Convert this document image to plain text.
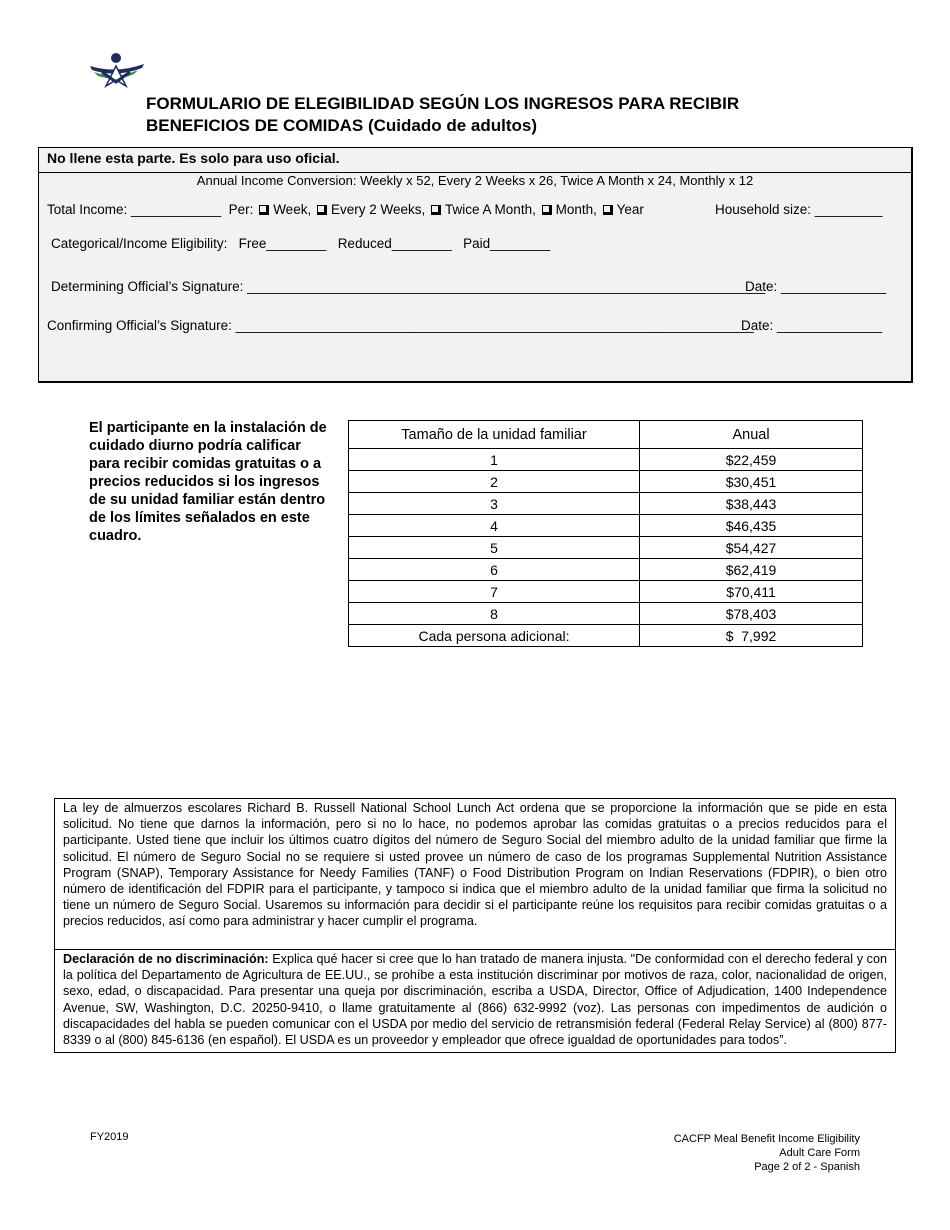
FORMULARIO DE ELEGIBILIDAD SEGÚN LOS INGRESOS PARA RECIBIR
BENEFICIOS DE COMIDAS (Cuidado de adultos)
No llene esta parte. Es solo para uso oficial.
Annual Income Conversion: Weekly x 52, Every 2 Weeks x 26, Twice A Month x 24, Monthly x 12
Total Income: ____________ Per: Week, Every 2 Weeks, Twice A Month, Month, Year	Household size: _________
Categorical/Income Eligibility: Free________ Reduced________ Paid________
Determining Official’s Signature: _____________________________________________________________________
Date: ______________
Confirming Official’s Signature: _____________________________________________________________________
Date: ______________
El participante en la instalación de cuidado diurno podría calificar para recibir comidas gratuitas o a precios reducidos si los ingresos de su unidad familiar están dentro de los límites señalados en este cuadro.
Tamaño de la unidad familiar	Anual
1	$22,459
2	$30,451
3	$38,443
4	$46,435
5	$54,427
6	$62,419
7	$70,411
8	$78,403
Cada persona adicional:	$  7,992
La ley de almuerzos escolares Richard B. Russell National School Lunch Act ordena que se proporcione la información que se pide en esta solicitud. No tiene que darnos la información, pero si no lo hace, no podemos aprobar las comidas gratuitas o a precios reducidos para el participante. Usted tiene que incluir los últimos cuatro dígitos del número de Seguro Social del miembro adulto de la unidad familiar que firme la solicitud. El número de Seguro Social no se requiere si usted provee un número de caso de los programas Supplemental Nutrition Assistance Program (SNAP), Temporary Assistance for Needy Families (TANF) o Food Distribution Program on Indian Reservations (FDPIR), o bien otro número de identificación del FDPIR para el participante, y tampoco si indica que el miembro adulto de la unidad familiar que firma la solicitud no tiene un número de Seguro Social. Usaremos su información para decidir si el participante reúne los requisitos para recibir comidas gratuitas o a precios reducidos, así como para administrar y hacer cumplir el programa.
Declaración de no discriminación: Explica qué hacer si cree que lo han tratado de manera injusta. "De conformidad con el derecho federal y con la política del Departamento de Agricultura de EE.UU., se prohíbe a esta institución discriminar por motivos de raza, color, nacionalidad de origen, sexo, edad, o discapacidad. Para presentar una queja por discriminación, escriba a USDA, Director, Office of Adjudication, 1400 Independence Avenue, SW, Washington, D.C. 20250-9410, o llame gratuitamente al (866) 632-9992 (voz). Las personas con impedimentos de audición o discapacidades del habla se pueden comunicar con el USDA por medio del servicio de retransmisión federal (Federal Relay Service) al (800) 877-8339 o al (800) 845-6136 (en español). El USDA es un proveedor y empleador que ofrece igualdad de oportunidades para todos”.
FY2019	CACFP Meal Benefit Income Eligibility
Adult Care Form
Page 2 of 2 - Spanish
